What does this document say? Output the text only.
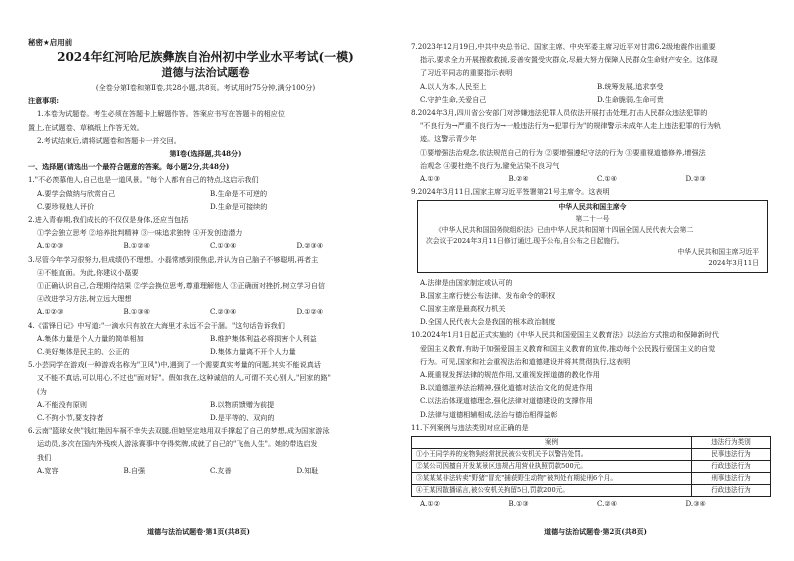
秘密★启用前
2024年红河哈尼族彝族自治州初中学业水平考试(一模)
道德与法治试题卷
(全卷分第Ⅰ卷和第Ⅱ卷,共28小题,共8页。考试用时75分钟,满分100分)
注意事项:
1.本卷为试题卷。考生必须在答题卡上解题作答。答案应书写在答题卡的相应位
置上,在试题卷、草稿纸上作答无效。
2.考试结束后,请将试题卷和答题卡一并交回。
第Ⅰ卷(选择题,共48分)
一、选择题(请选出一个最符合题意的答案。每小题2分,共48分)
1."不必羡慕他人,自己也是一道风景。"每个人都有自己的特点,这启示我们
A.要学会做纳与欣赏自己	B.生命是不可逆的
C.要珍视他人评价	D.生命是可接续的
2.进入青春期,我们成长的不仅仅是身体,还应当包括
①学会独立思考 ②培养批判精神 ③一味追求独特 ④开发创造潜力
A.①②③	B.①②④	C.①③④	D.②③④
3.尽管今年学习很努力,但成绩仍不理想。小磊常感到很焦虑,并认为自己脑子不够聪明,再者主
④不能直面。为此,你建议小磊要
①正确认识自己,合理期待结果 ②学会换位思考,尊重理解他人 ③正确面对挫折,树立学习自信
④改进学习方法,树立远大理想
A.①②③	B.①③④	C.②③④	D.①②④
4.《雷锋日记》中写道:"一滴水只有放在大海里才永远不会干涸。"这句话告诉我们
A.集体力量是个人力量的简单相加	B.维护集体利益必将损害个人利益
C.美好集体是民主的、公正的	D.集体力量离不开个人力量
5.小芸同学在游戏(一种游戏名称为"卫风")中,遇到了一个需要真实考量的问题,其实不能说真话
又不能不真话,可以用心,不过也"面对好"。假如我在,这种诚信的人,可谓不关心别人,"回家的路"
(为
A.不能没有原则	B.以物质馈赠为前提
C.不拘小节,要支持者	D.是平等的、双向的
6.云南"篮球女侠"钱红艳因车祸不幸失去双腿,但她坚定地用双手撑起了自己的梦想,成为国家游泳
运动员,多次在国内外残疾人游泳赛事中夺得奖牌,成就了自己的"飞鱼人生"。她的带选启发
我们
A.宽容	B.自强	C.友善	D.知耻
道德与法治试题卷·第1页(共8页)
7.2023年12月19日,中共中央总书记、国家主席、中央军委主席习近平对甘肃6.2级地震作出重要
指示,要求全力开展搜救救援,妥善安置受灾群众,尽最大努力保障人民群众生命财产安全。这体现
了习近平同志的重要指示表明
A.以人为本,人民至上	B.统筹发展,追求享受
C.守护生命,关爱自己	D.生命脆弱,生命可贵
8.2024年3月,四川省公安部门对涉嫌违法犯罪人员依法开展打击处理,打击人民群众违法犯罪的
"不良行为→严重不良行为→一般违法行为→犯罪行为"的规律警示未成年人走上违法犯罪的行为轨
迹。这警示青少年
①要增强法治观念,依法规范自己的行为 ②要增强遵纪守法的行为 ③要重视道德修养,增强法
治观念 ④要杜绝不良行为,避免沾染不良习气
A.①③	B.②④	C.①④	D.②③
9.2024年3月11日,国家主席习近平签署第21号主席令。这表明
中华人民共和国主席令
第二十一号
《中华人民共和国国务院组织法》已由中华人民共和国第十四届全国人民代表大会第二
次会议于2024年3月11日修订通过,现予公布,自公布之日起施行。
中华人民共和国主席习近平
2024年3月11日
A.法律是由国家制定或认可的
B.国家主席行使公布法律、发布命令的职权
C.国家主席是最高权力机关
D.全国人民代表大会是我国的根本政治制度
10.2024年1月1日起正式实施的《中华人民共和国爱国主义教育法》以法治方式推动和保障新时代
爱国主义教育,有助于加强爱国主义教育和国主义教育的宣传,推动每个公民践行爱国主义的自觉
行为。可见,国家和社会重视法治和道德建设并将其贯彻执行,这表明
A.既重视发挥法律的规范作用,又重视发挥道德的教化作用
B.以道德滋养法治精神,强化道德对法治文化的促进作用
C.以法治体现道德理念,强化法律对道德建设的支撑作用
D.法律与道德相辅相成,法治与德治相得益彰
11.下列案例与违法类别对应正确的是
案例	违法行为类别
①小王同学养的宠物狗经常扰民被公安机关予以警告处罚。	民事违法行为
②某公司因擅自开发某景区违规占用营业执照罚款500元。	行政违法行为
③某某某非法转卖"野猪"冒充"捕获野生动物"被判处有期徒刑6个月。	刑事违法行为
④王某因散播谣言,被公安机关拘留5日,罚款200元。	行政违法行为
A.①②	B.①③	C.②④	D.③④
道德与法治试题卷·第2页(共8页)
